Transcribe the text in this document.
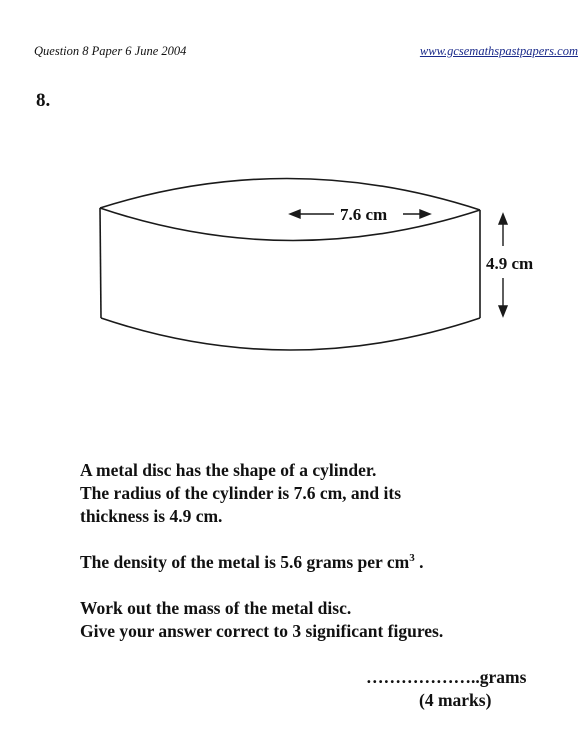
Question 8 Paper 6 June 2004	www.gcsemathspastpapers.com
8.
7.6 cm
4.9 cm
A metal disc has the shape of a cylinder.
The radius of the cylinder is 7.6 cm, and its
thickness is 4.9 cm.
The density of the metal is 5.6 grams per $cm^3$ .
Work out the mass of the metal disc.
Give your answer correct to 3 significant figures.
………………..grams
(4 marks)
